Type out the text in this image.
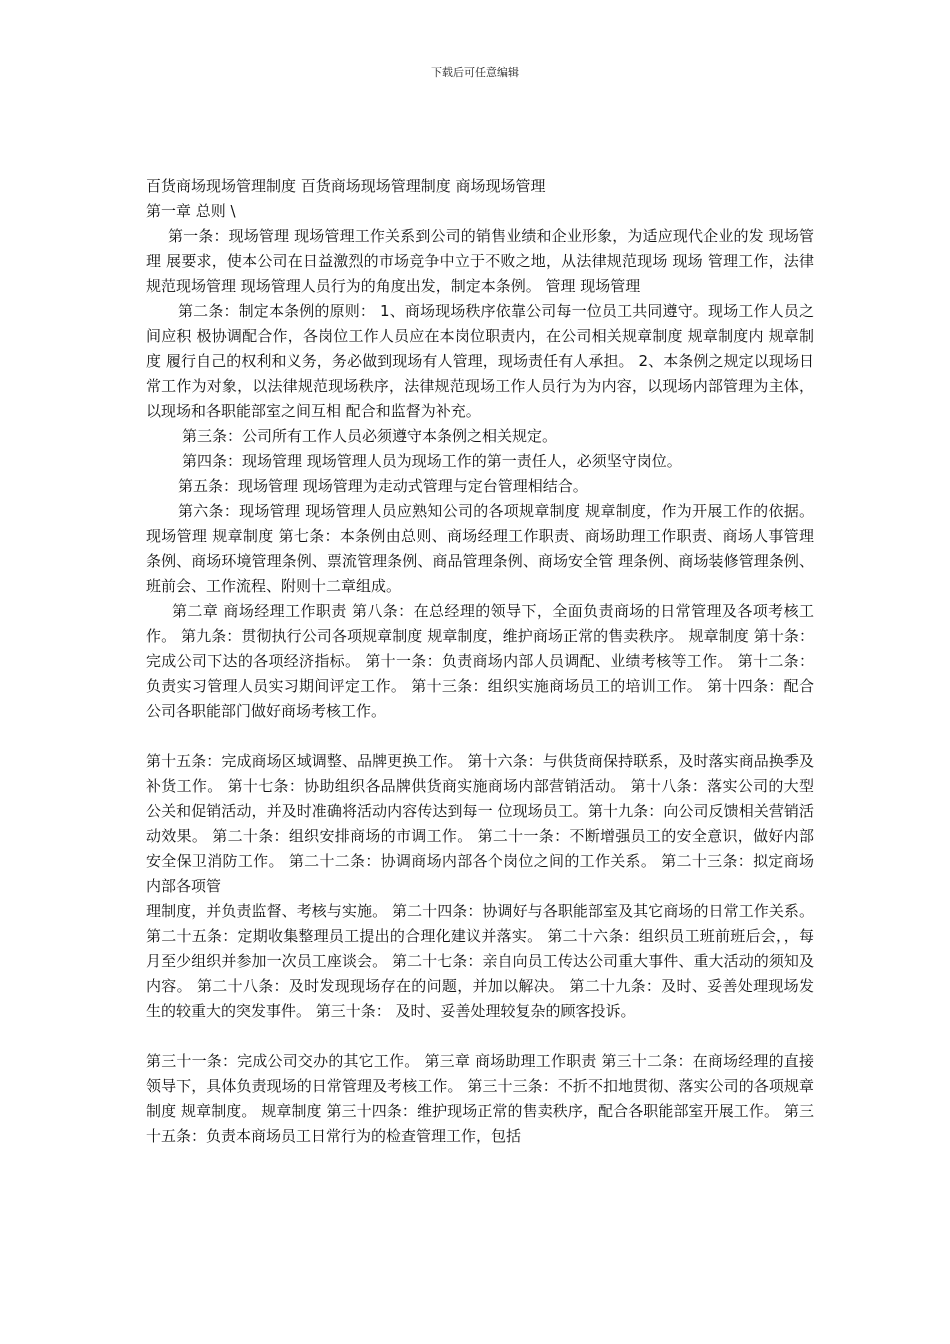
下载后可任意编辑

百货商场现场管理制度 百货商场现场管理制度 商场现场管理

第一章 总则 \

第一条：现场管理 现场管理工作关系到公司的销售业绩和企业形象，为适应现代企业的发 现场管理 展要求，使本公司在日益激烈的市场竞争中立于不败之地，从法律规范现场 现场 管理工作，法律规范现场管理 现场管理人员行为的角度出发，制定本条例。 管理 现场管理

第二条：制定本条例的原则： 1、商场现场秩序依靠公司每一位员工共同遵守。现场工作人员之间应积 极协调配合作，各岗位工作人员应在本岗位职责内，在公司相关规章制度 规章制度内 规章制度 履行自己的权利和义务，务必做到现场有人管理，现场责任有人承担。 2、本条例之规定以现场日常工作为对象，以法律规范现场秩序，法律规范现场工作人员行为为内容，以现场内部管理为主体，以现场和各职能部室之间互相 配合和监督为补充。

第三条：公司所有工作人员必须遵守本条例之相关规定。

第四条：现场管理 现场管理人员为现场工作的第一责任人，必须坚守岗位。

第五条：现场管理 现场管理为走动式管理与定台管理相结合。

第六条：现场管理 现场管理人员应熟知公司的各项规章制度 规章制度，作为开展工作的依据。 现场管理 规章制度 第七条：本条例由总则、商场经理工作职责、商场助理工作职责、商场人事管理 条例、商场环境管理条例、票流管理条例、商品管理条例、商场安全管 理条例、商场装修管理条例、班前会、工作流程、附则十二章组成。

第二章 商场经理工作职责 第八条：在总经理的领导下，全面负责商场的日常管理及各项考核工作。 第九条：贯彻执行公司各项规章制度 规章制度，维护商场正常的售卖秩序。 规章制度 第十条：完成公司下达的各项经济指标。 第十一条：负责商场内部人员调配、业绩考核等工作。 第十二条：负责实习管理人员实习期间评定工作。 第十三条：组织实施商场员工的培训工作。 第十四条：配合公司各职能部门做好商场考核工作。

第十五条：完成商场区域调整、品牌更换工作。 第十六条：与供货商保持联系，及时落实商品换季及补货工作。 第十七条：协助组织各品牌供货商实施商场内部营销活动。 第十八条：落实公司的大型公关和促销活动，并及时准确将活动内容传达到每一 位现场员工。第十九条：向公司反馈相关营销活动效果。 第二十条：组织安排商场的市调工作。 第二十一条：不断增强员工的安全意识，做好内部安全保卫消防工作。 第二十二条：协调商场内部各个岗位之间的工作关系。 第二十三条：拟定商场内部各项管

理制度，并负责监督、考核与实施。 第二十四条：协调好与各职能部室及其它商场的日常工作关系。 第二十五条：定期收集整理员工提出的合理化建议并落实。 第二十六条：组织员工班前班后会，，每月至少组织并参加一次员工座谈会。 第二十七条：亲自向员工传达公司重大事件、重大活动的须知及内容。 第二十八条：及时发现现场存在的问题，并加以解决。 第二十九条：及时、妥善处理现场发生的较重大的突发事件。 第三十条： 及时、妥善处理较复杂的顾客投诉。

第三十一条：完成公司交办的其它工作。 第三章 商场助理工作职责 第三十二条：在商场经理的直接领导下，具体负责现场的日常管理及考核工作。 第三十三条：不折不扣地贯彻、落实公司的各项规章制度 规章制度。 规章制度 第三十四条：维护现场正常的售卖秩序，配合各职能部室开展工作。 第三十五条：负责本商场员工日常行为的检查管理工作，包括
